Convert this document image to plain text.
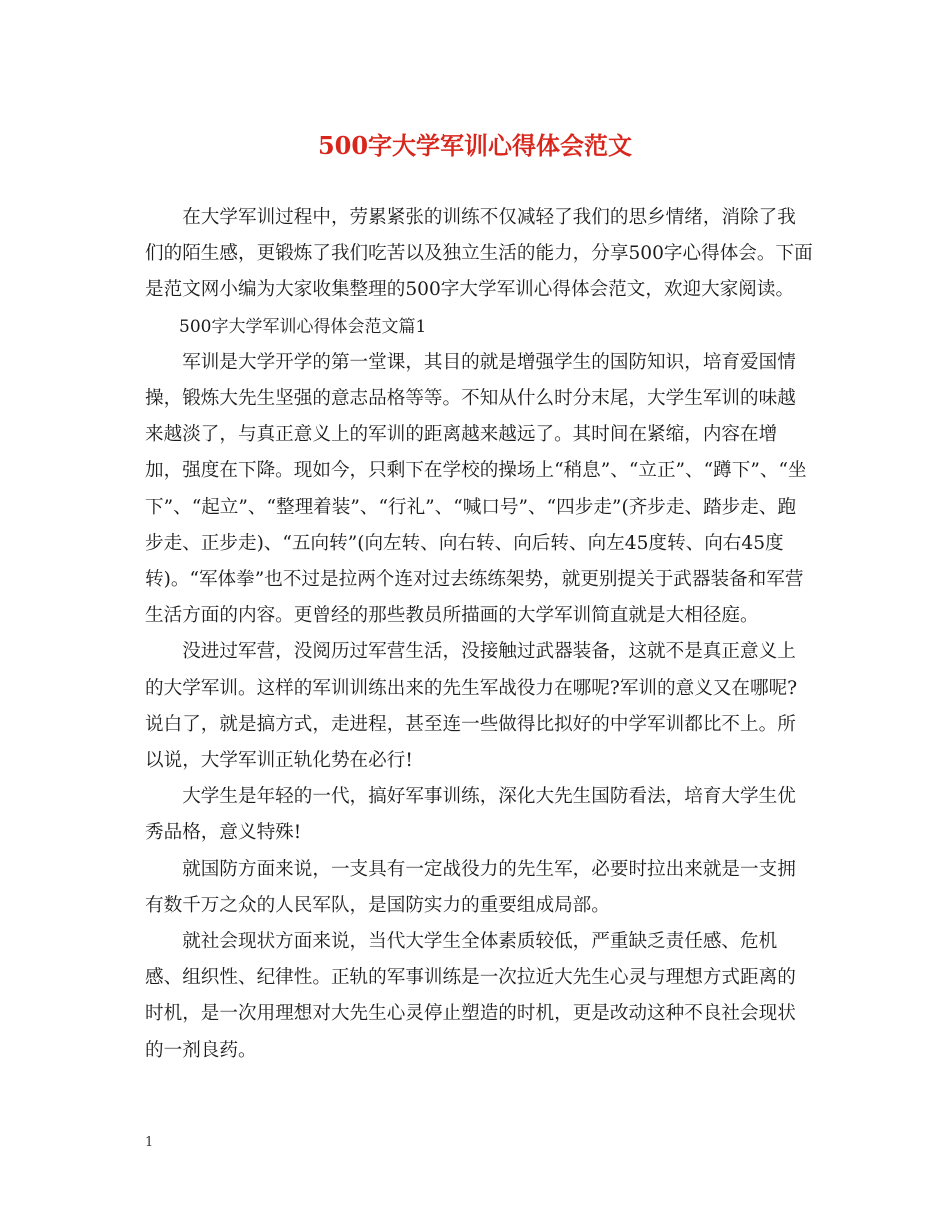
500字大学军训心得体会范文

在大学军训过程中，劳累紧张的训练不仅减轻了我们的思乡情绪，消除了我们的陌生感，更锻炼了我们吃苦以及独立生活的能力，分享500字心得体会。下面是范文网小编为大家收集整理的500字大学军训心得体会范文，欢迎大家阅读。

500字大学军训心得体会范文篇1

军训是大学开学的第一堂课，其目的就是增强学生的国防知识，培育爱国情操，锻炼大先生坚强的意志品格等等。不知从什么时分末尾，大学生军训的味越来越淡了，与真正意义上的军训的距离越来越远了。其时间在紧缩，内容在增加，强度在下降。现如今，只剩下在学校的操场上“稍息”、“立正”、“蹲下”、“坐下”、“起立”、“整理着装”、“行礼”、“喊口号”、“四步走”(齐步走、踏步走、跑步走、正步走)、“五向转”(向左转、向右转、向后转、向左45度转、向右45度转)。“军体拳”也不过是拉两个连对过去练练架势，就更别提关于武器装备和军营生活方面的内容。更曾经的那些教员所描画的大学军训简直就是大相径庭。

没进过军营，没阅历过军营生活，没接触过武器装备，这就不是真正意义上的大学军训。这样的军训训练出来的先生军战役力在哪呢?军训的意义又在哪呢?说白了，就是搞方式，走进程，甚至连一些做得比拟好的中学军训都比不上。所以说，大学军训正轨化势在必行!

大学生是年轻的一代，搞好军事训练，深化大先生国防看法，培育大学生优秀品格，意义特殊!

就国防方面来说，一支具有一定战役力的先生军，必要时拉出来就是一支拥有数千万之众的人民军队，是国防实力的重要组成局部。

就社会现状方面来说，当代大学生全体素质较低，严重缺乏责任感、危机感、组织性、纪律性。正轨的军事训练是一次拉近大先生心灵与理想方式距离的时机，是一次用理想对大先生心灵停止塑造的时机，更是改动这种不良社会现状的一剂良药。

1
